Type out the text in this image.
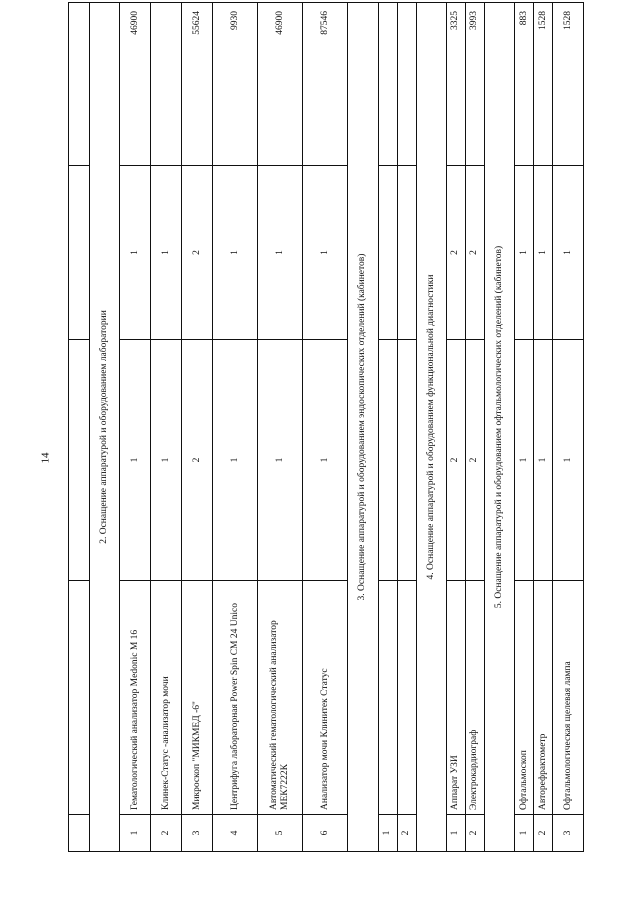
14
					2. Оснащение аппаратурой и оборудованием лаборатории				
1	Гематологический анализатор Medonic M 16	1	1	46900
2	Клинек-Статус -анализатор мочи	1	1	
3	Микроскоп "МИКМЕД -6"	2	2	55624
4	Центрифуга лабораторная Power Spin CM 24 Unico	1	1	9930
5	Автоматический гематологический анализатор МЕК7222К	1	1	46900
6	Анализатор мочи Клинитек Статус	1	1	87546
3. Оснащение аппаратурой и оборудованием эндоскопических отделений (кабинетов)				
1				
2				
4. Оснащение аппаратурой и оборудованием функциональной диагностики				
1	Аппарат УЗИ	2	2	3325
2	Электрокардиограф	2	2	3993
5. Оснащение аппаратурой и оборудованием офтальмологических отделений (кабинетов)				
1	Офтальмоскоп	1	1	883
2	Авторефрактометр	1	1	1528
3	Офтальмологическая щелевая лампа	1	1	1528
